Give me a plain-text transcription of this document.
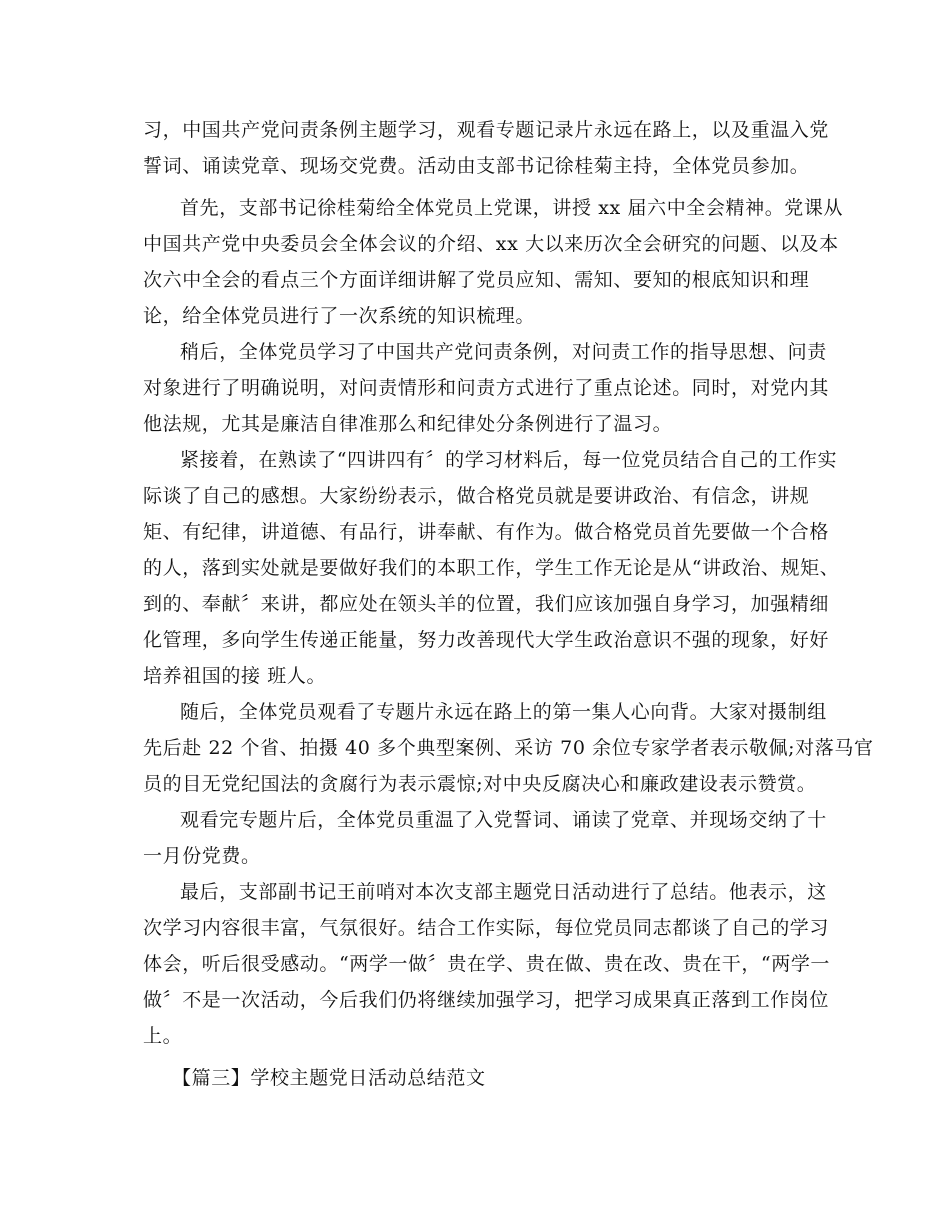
习，中国共产党问责条例主题学习，观看专题记录片永远在路上，以及重温入党
誓词、诵读党章、现场交党费。活动由支部书记徐桂菊主持，全体党员参加。
首先，支部书记徐桂菊给全体党员上党课，讲授 xx 届六中全会精神。党课从
中国共产党中央委员会全体会议的介绍、xx 大以来历次全会研究的问题、以及本
次六中全会的看点三个方面详细讲解了党员应知、需知、要知的根底知识和理
论，给全体党员进行了一次系统的知识梳理。
稍后，全体党员学习了中国共产党问责条例，对问责工作的指导思想、问责
对象进行了明确说明，对问责情形和问责方式进行了重点论述。同时，对党内其
他法规，尤其是廉洁自律准那么和纪律处分条例进行了温习。
紧接着，在熟读了“四讲四有〞的学习材料后，每一位党员结合自己的工作实
际谈了自己的感想。大家纷纷表示，做合格党员就是要讲政治、有信念，讲规
矩、有纪律，讲道德、有品行，讲奉献、有作为。做合格党员首先要做一个合格
的人，落到实处就是要做好我们的本职工作，学生工作无论是从“讲政治、规矩、
到的、奉献〞来讲，都应处在领头羊的位置，我们应该加强自身学习，加强精细
化管理，多向学生传递正能量，努力改善现代大学生政治意识不强的现象，好好
培养祖国的接 班人。
随后，全体党员观看了专题片永远在路上的第一集人心向背。大家对摄制组
先后赴 22 个省、拍摄 40 多个典型案例、采访 70 余位专家学者表示敬佩;对落马官
员的目无党纪国法的贪腐行为表示震惊;对中央反腐决心和廉政建设表示赞赏。
观看完专题片后，全体党员重温了入党誓词、诵读了党章、并现场交纳了十
一月份党费。
最后，支部副书记王前哨对本次支部主题党日活动进行了总结。他表示，这
次学习内容很丰富，气氛很好。结合工作实际，每位党员同志都谈了自己的学习
体会，听后很受感动。“两学一做〞贵在学、贵在做、贵在改、贵在干，“两学一
做〞不是一次活动，今后我们仍将继续加强学习，把学习成果真正落到工作岗位
上。
【篇三】学校主题党日活动总结范文
